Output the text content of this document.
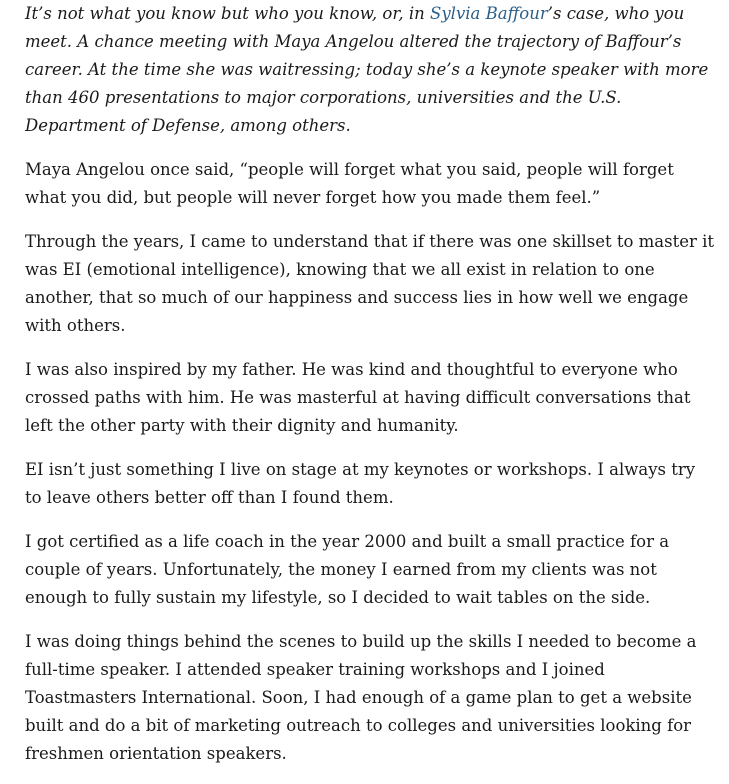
It’s not what you know but who you know, or, in Sylvia Baffour’s case, who you meet. A chance meeting with Maya Angelou altered the trajectory of Baffour’s career. At the time she was waitressing; today she’s a keynote speaker with more than 460 presentations to major corporations, universities and the U.S. Department of Defense, among others.

Maya Angelou once said, “people will forget what you said, people will forget what you did, but people will never forget how you made them feel.”

Through the years, I came to understand that if there was one skillset to master it was EI (emotional intelligence), knowing that we all exist in relation to one another, that so much of our happiness and success lies in how well we engage with others.

I was also inspired by my father. He was kind and thoughtful to everyone who crossed paths with him. He was masterful at having difficult conversations that left the other party with their dignity and humanity.

EI isn’t just something I live on stage at my keynotes or workshops. I always try to leave others better off than I found them.

I got certified as a life coach in the year 2000 and built a small practice for a couple of years. Unfortunately, the money I earned from my clients was not enough to fully sustain my lifestyle, so I decided to wait tables on the side.

I was doing things behind the scenes to build up the skills I needed to become a full-time speaker. I attended speaker training workshops and I joined Toastmasters International. Soon, I had enough of a game plan to get a website built and do a bit of marketing outreach to colleges and universities looking for freshmen orientation speakers.
